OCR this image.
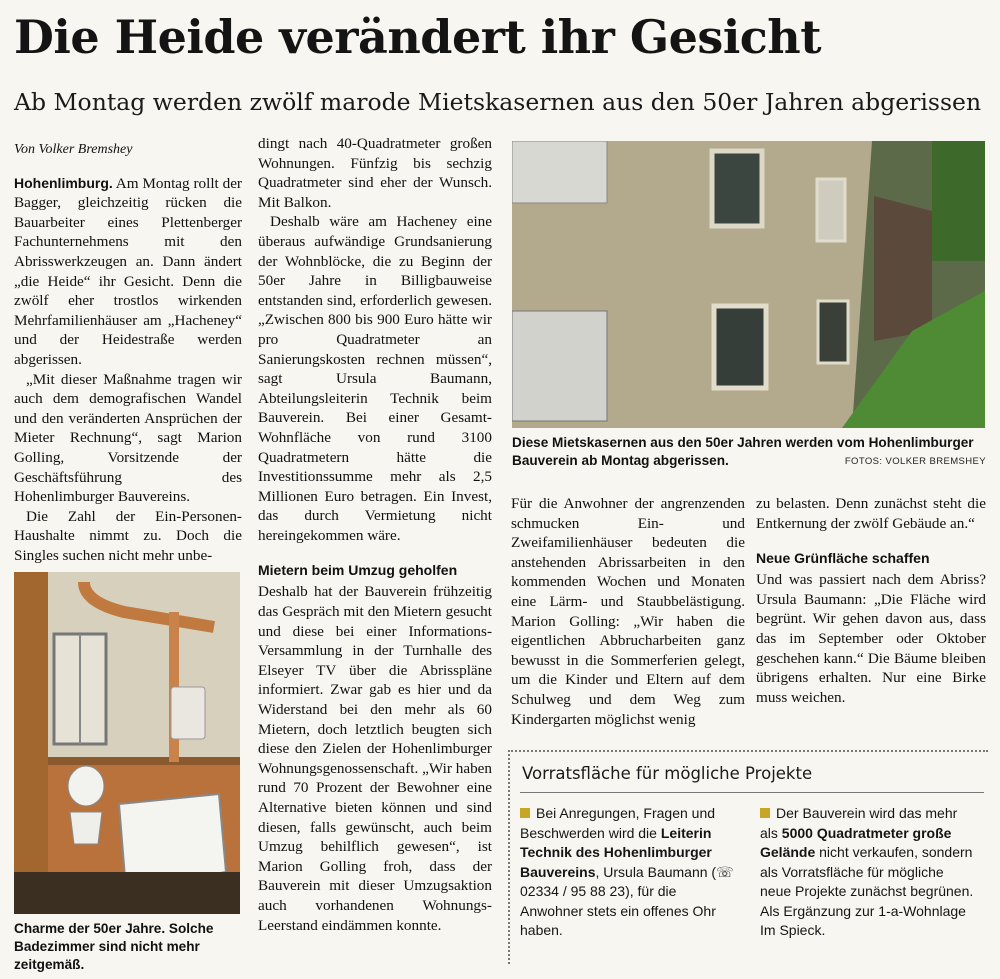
Die Heide verändert ihr Gesicht
Ab Montag werden zwölf marode Mietskasernen aus den 50er Jahren abgerissen

Von Volker Bremshey

Hohenlimburg. Am Montag rollt der Bagger, gleichzeitig rücken die Bauarbeiter eines Plettenberger Fachunternehmens mit den Abrisswerkzeugen an. Dann ändert „die Heide“ ihr Gesicht. Denn die zwölf eher trostlos wirkenden Mehrfamilienhäuser am „Hacheney“ und der Heidestraße werden abgerissen.

„Mit dieser Maßnahme tragen wir auch dem demografischen Wandel und den veränderten Ansprüchen der Mieter Rechnung“, sagt Marion Golling, Vorsitzende der Geschäftsführung des Hohenlimburger Bauvereins.

Die Zahl der Ein-Personen-Haushalte nimmt zu. Doch die Singles suchen nicht mehr unbe-

Charme der 50er Jahre. Solche Badezimmer sind nicht mehr zeitgemäß.

dingt nach 40-Quadratmeter großen Wohnungen. Fünfzig bis sechzig Quadratmeter sind eher der Wunsch. Mit Balkon.

Deshalb wäre am Hacheney eine überaus aufwändige Grundsanierung der Wohnblöcke, die zu Beginn der 50er Jahre in Billigbauweise entstanden sind, erforderlich gewesen. „Zwischen 800 bis 900 Euro hätte wir pro Quadratmeter an Sanierungskosten rechnen müssen“, sagt Ursula Baumann, Abteilungsleiterin Technik beim Bauverein. Bei einer Gesamt-Wohnfläche von rund 3100 Quadratmetern hätte die Investitionssumme mehr als 2,5 Millionen Euro betragen. Ein Invest, das durch Vermietung nicht hereingekommen wäre.

Mietern beim Umzug geholfen

Deshalb hat der Bauverein frühzeitig das Gespräch mit den Mietern gesucht und diese bei einer Informations-Versammlung in der Turnhalle des Elseyer TV über die Abrisspläne informiert. Zwar gab es hier und da Widerstand bei den mehr als 60 Mietern, doch letztlich beugten sich diese den Zielen der Hohenlimburger Wohnungsgenossenschaft. „Wir haben rund 70 Prozent der Bewohner eine Alternative bieten können und sind diesen, falls gewünscht, auch beim Umzug behilflich gewesen“, ist Marion Golling froh, dass der Bauverein mit dieser Umzugsaktion auch vorhandenen Wohnungs-Leerstand eindämmen konnte.

Diese Mietskasernen aus den 50er Jahren werden vom Hohenlimburger Bauverein ab Montag abgerissen.	FOTOS: VOLKER BREMSHEY

Für die Anwohner der angrenzenden schmucken Ein- und Zweifamilienhäuser bedeuten die anstehenden Abrissarbeiten in den kommenden Wochen und Monaten eine Lärm- und Staubbelästigung. Marion Golling: „Wir haben die eigentlichen Abbrucharbeiten ganz bewusst in die Sommerferien gelegt, um die Kinder und Eltern auf dem Schulweg und dem Weg zum Kindergarten möglichst wenig

zu belasten. Denn zunächst steht die Entkernung der zwölf Gebäude an.“

Neue Grünfläche schaffen

Und was passiert nach dem Abriss? Ursula Baumann: „Die Fläche wird begrünt. Wir gehen davon aus, dass das im September oder Oktober geschehen kann.“ Die Bäume bleiben übrigens erhalten. Nur eine Birke muss weichen.

Vorratsfläche für mögliche Projekte
Bei Anregungen, Fragen und Beschwerden wird die Leiterin Technik des Hohenlimburger Bauvereins, Ursula Baumann (☏ 02334 / 95 88 23), für die Anwohner stets ein offenes Ohr haben.
Der Bauverein wird das mehr als 5000 Quadratmeter große Gelände nicht verkaufen, sondern als Vorratsfläche für mögliche neue Projekte zunächst begrünen. Als Ergänzung zur 1-a-Wohnlage Im Spieck.
